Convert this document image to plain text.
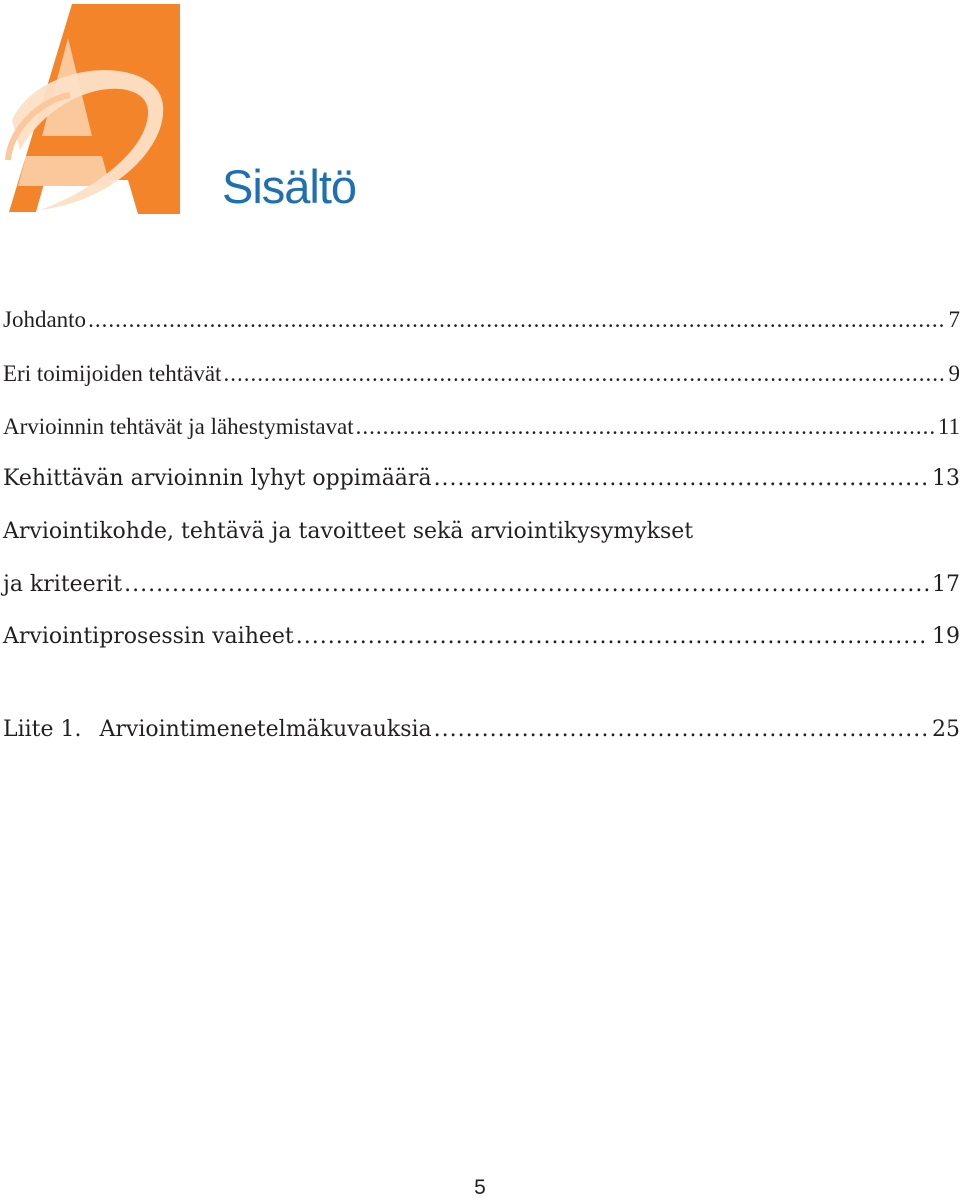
Sisältö
Johdanto .....	7
Eri toimijoiden tehtävät .....	9
Arvioinnin tehtävät ja lähestymistavat .....	11
Kehittävän arvioinnin lyhyt oppimäärä .....	13
Arviointikohde, tehtävä ja tavoitteet sekä arviointikysymykset
ja kriteerit .....	17
Arviointiprosessin vaiheet .....	19
Liite 1. Arviointimenetelmäkuvauksia .....	25
5
